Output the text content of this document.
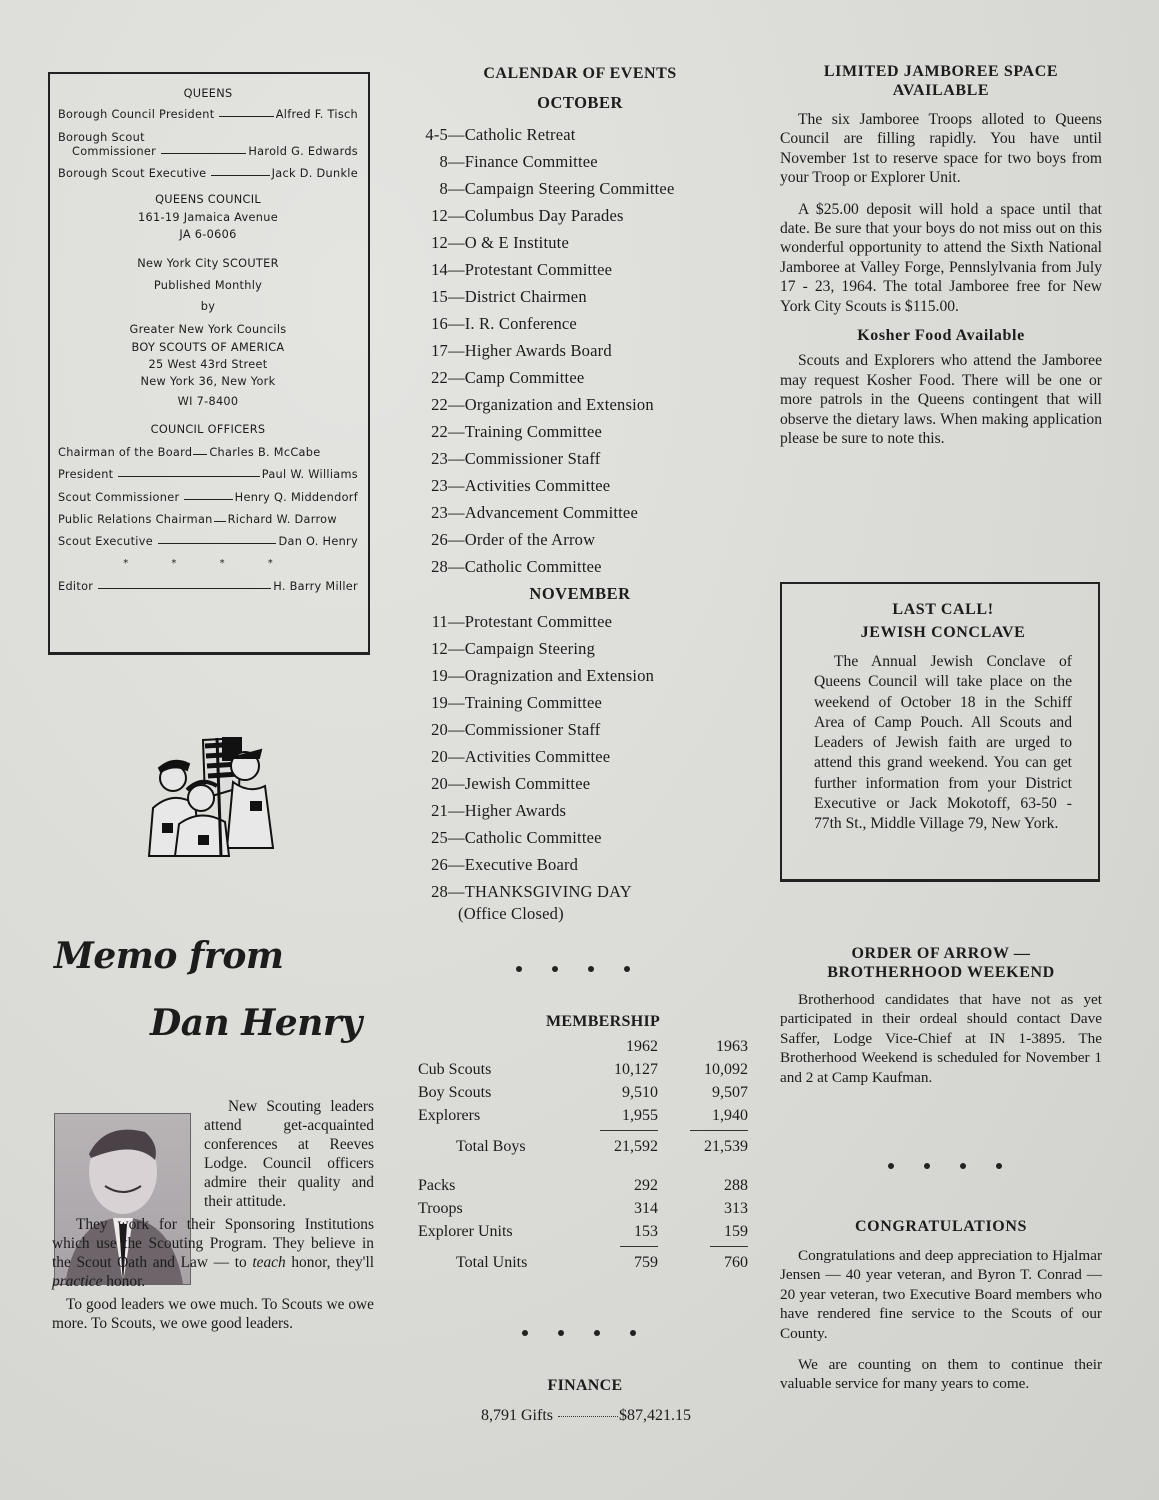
QUEENS
Borough Council President	Alfred F. Tisch
Borough Scout
Commissioner	Harold G. Edwards
Borough Scout Executive	Jack D. Dunkle
QUEENS COUNCIL
161-19 Jamaica Avenue
JA 6-0606
New York City SCOUTER
Published Monthly
by
Greater New York Councils
BOY SCOUTS OF AMERICA
25 West 43rd Street
New York 36, New York
WI 7-8400
COUNCIL OFFICERS
Chairman of the Board Charles B. McCabe
President	Paul W. Williams
Scout Commissioner	Henry Q. Middendorf
Public Relations Chairman Richard W. Darrow
Scout Executive	Dan O. Henry
* * * *
Editor	H. Barry Miller
Memo from
Dan Henry

New Scouting leaders attend get-acquainted conferences at Reeves Lodge. Council officers admire their quality and their attitude.

They work for their Sponsoring Institutions which use the Scouting Program. They believe in the Scout Oath and Law — to teach honor, they'll practice honor.

To good leaders we owe much. To Scouts we owe more. To Scouts, we owe good leaders.

CALENDAR OF EVENTS
OCTOBER
4-5—Catholic Retreat
8—Finance Committee
8—Campaign Steering Committee
12—Columbus Day Parades
12—O & E Institute
14—Protestant Committee
15—District Chairmen
16—I. R. Conference
17—Higher Awards Board
22—Camp Committee
22—Organization and Extension
22—Training Committee
23—Commissioner Staff
23—Activities Committee
23—Advancement Committee
26—Order of the Arrow
28—Catholic Committee
NOVEMBER
11—Protestant Committee
12—Campaign Steering
19—Oragnization and Extension
19—Training Committee
20—Commissioner Staff
20—Activities Committee
20—Jewish Committee
21—Higher Awards
25—Catholic Committee
26—Executive Board
28—THANKSGIVING DAY
(Office Closed)
MEMBERSHIP
1962	1963
Cub Scouts	10,127	10,092
Boy Scouts	9,510	9,507
Explorers	1,955	1,940
Total Boys	21,592	21,539
Packs	292	288
Troops	314	313
Explorer Units	153	159
Total Units	759	760
FINANCE
8,791 Gifts	$87,421.15
LIMITED JAMBOREE SPACE
AVAILABLE

The six Jamboree Troops alloted to Queens Council are filling rapidly. You have until November 1st to reserve space for two boys from your Troop or Explorer Unit.

A $25.00 deposit will hold a space until that date. Be sure that your boys do not miss out on this wonderful opportunity to attend the Sixth National Jamboree at Valley Forge, Pennslylvania from July 17 - 23, 1964. The total Jamboree free for New York City Scouts is $115.00.

Kosher Food Available

Scouts and Explorers who attend the Jamboree may request Kosher Food. There will be one or more patrols in the Queens contingent that will observe the dietary laws. When making application please be sure to note this.

LAST CALL!
JEWISH CONCLAVE

The Annual Jewish Conclave of Queens Council will take place on the weekend of October 18 in the Schiff Area of Camp Pouch. All Scouts and Leaders of Jewish faith are urged to attend this grand weekend. You can get further information from your District Executive or Jack Mokotoff, 63-50 - 77th St., Middle Village 79, New York.

ORDER OF ARROW —
BROTHERHOOD WEEKEND

Brotherhood candidates that have not as yet participated in their ordeal should contact Dave Saffer, Lodge Vice-Chief at IN 1-3895. The Brotherhood Weekend is scheduled for November 1 and 2 at Camp Kaufman.

CONGRATULATIONS

Congratulations and deep appreciation to Hjalmar Jensen — 40 year veteran, and Byron T. Conrad — 20 year veteran, two Executive Board members who have rendered fine service to the Scouts of our County.

We are counting on them to continue their valuable service for many years to come.
